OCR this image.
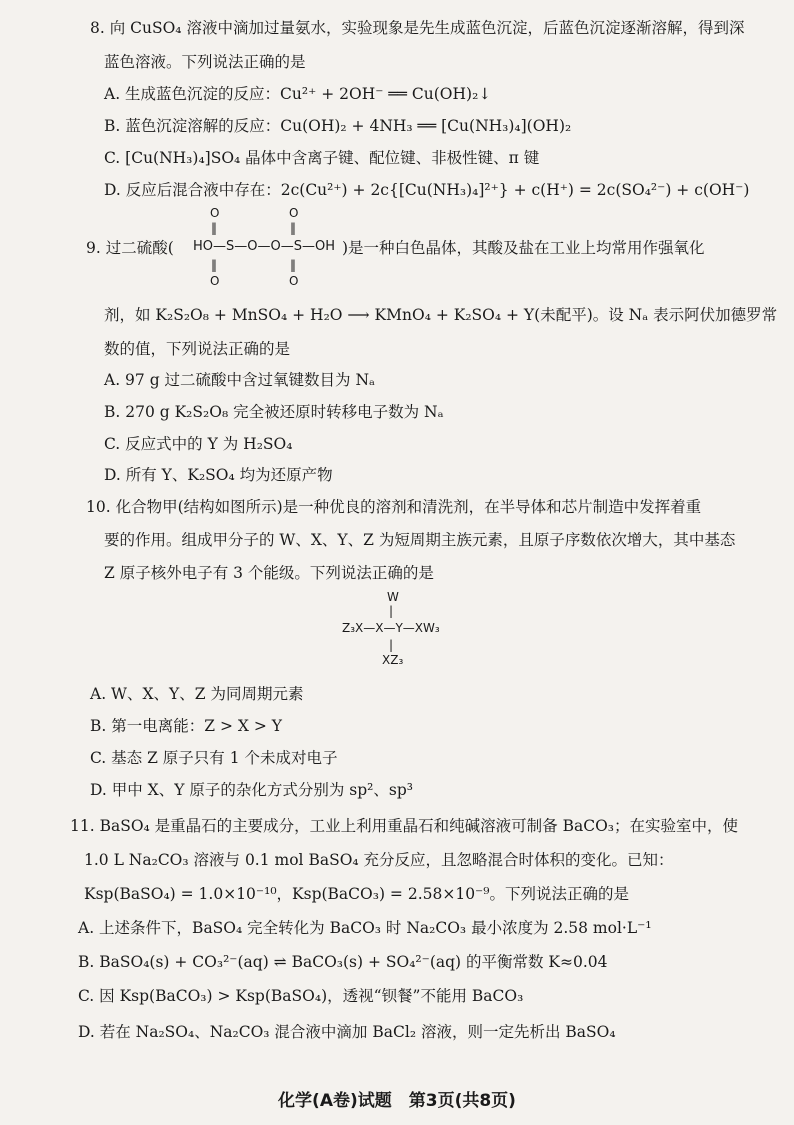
8. 向 CuSO₄ 溶液中滴加过量氨水，实验现象是先生成蓝色沉淀，后蓝色沉淀逐渐溶解，得到深
蓝色溶液。下列说法正确的是
A. 生成蓝色沉淀的反应：Cu²⁺ + 2OH⁻ ══ Cu(OH)₂↓
B. 蓝色沉淀溶解的反应：Cu(OH)₂ + 4NH₃ ══ [Cu(NH₃)₄](OH)₂
C. [Cu(NH₃)₄]SO₄ 晶体中含离子键、配位键、非极性键、π 键
D. 反应后混合液中存在：2c(Cu²⁺) + 2c{[Cu(NH₃)₄]²⁺} + c(H⁺) = 2c(SO₄²⁻) + c(OH⁻)
O	O
‖	‖
HO—S—O—O—S—OH
‖	‖
O	O
9. 过二硫酸(	)是一种白色晶体，其酸及盐在工业上均常用作强氧化
剂，如 K₂S₂O₈ + MnSO₄ + H₂O ⟶ KMnO₄ + K₂SO₄ + Y(未配平)。设 Nₐ 表示阿伏加德罗常
数的值，下列说法正确的是
A. 97 g 过二硫酸中含过氧键数目为 Nₐ
B. 270 g K₂S₂O₈ 完全被还原时转移电子数为 Nₐ
C. 反应式中的 Y 为 H₂SO₄
D. 所有 Y、K₂SO₄ 均为还原产物
10. 化合物甲(结构如图所示)是一种优良的溶剂和清洗剂，在半导体和芯片制造中发挥着重
要的作用。组成甲分子的 W、X、Y、Z 为短周期主族元素，且原子序数依次增大，其中基态
Z 原子核外电子有 3 个能级。下列说法正确的是
W
|
Z₃X—X—Y—XW₃
|
XZ₃
A. W、X、Y、Z 为同周期元素
B. 第一电离能：Z > X > Y
C. 基态 Z 原子只有 1 个未成对电子
D. 甲中 X、Y 原子的杂化方式分别为 sp²、sp³
11. BaSO₄ 是重晶石的主要成分，工业上利用重晶石和纯碱溶液可制备 BaCO₃；在实验室中，使
1.0 L Na₂CO₃ 溶液与 0.1 mol BaSO₄ 充分反应，且忽略混合时体积的变化。已知：
Ksp(BaSO₄) = 1.0×10⁻¹⁰，Ksp(BaCO₃) = 2.58×10⁻⁹。下列说法正确的是
A. 上述条件下，BaSO₄ 完全转化为 BaCO₃ 时 Na₂CO₃ 最小浓度为 2.58 mol·L⁻¹
B. BaSO₄(s) + CO₃²⁻(aq) ⇌ BaCO₃(s) + SO₄²⁻(aq) 的平衡常数 K≈0.04
C. 因 Ksp(BaCO₃) > Ksp(BaSO₄)，透视“钡餐”不能用 BaCO₃
D. 若在 Na₂SO₄、Na₂CO₃ 混合液中滴加 BaCl₂ 溶液，则一定先析出 BaSO₄
化学(A卷)试题　第3页(共8页)
